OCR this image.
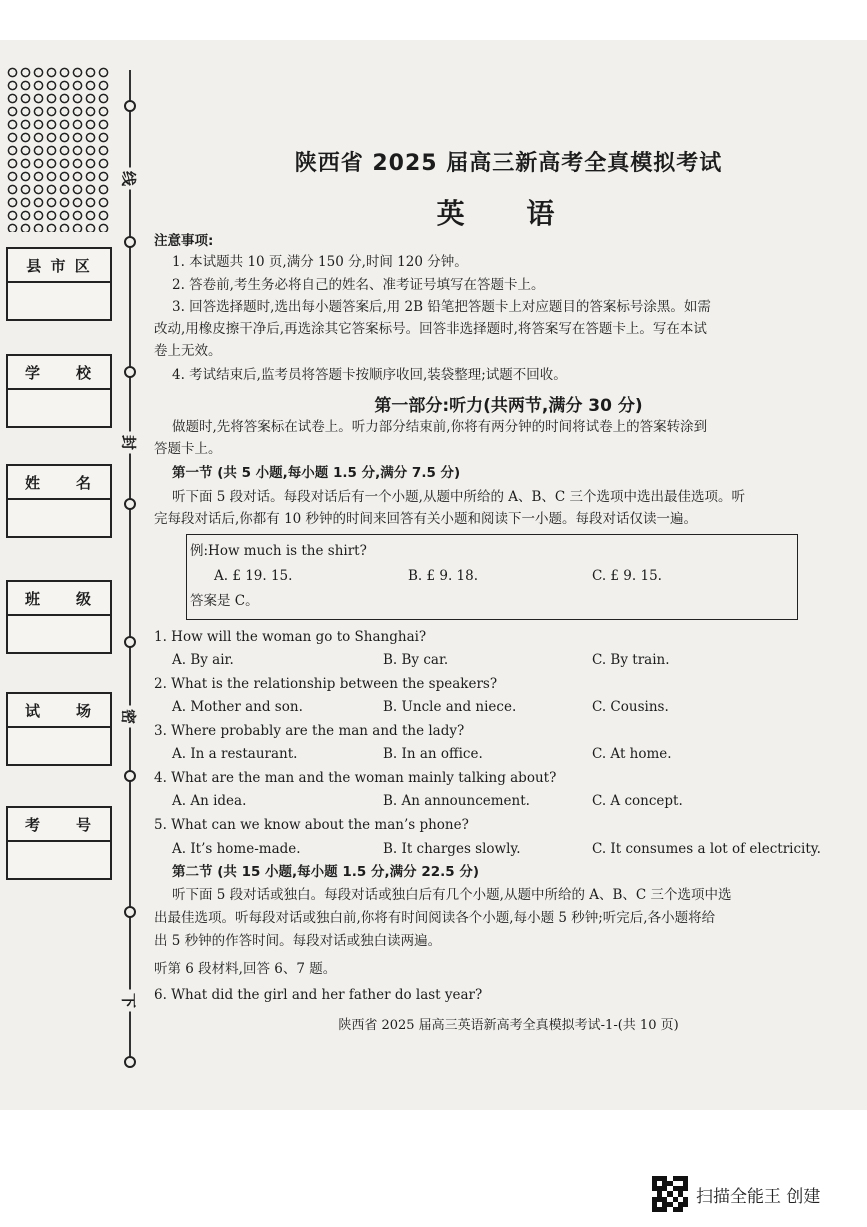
线
封
密
下
县 市 区
学　　校
姓　　名
班　　级
试　　场
考　　号
陕西省 2025 届高三新高考全真模拟考试
英 语
注意事项:
1. 本试题共 10 页,满分 150 分,时间 120 分钟。
2. 答卷前,考生务必将自己的姓名、准考证号填写在答题卡上。
3. 回答选择题时,选出每小题答案后,用 2B 铅笔把答题卡上对应题目的答案标号涂黑。如需
改动,用橡皮擦干净后,再选涂其它答案标号。回答非选择题时,将答案写在答题卡上。写在本试
卷上无效。
4. 考试结束后,监考员将答题卡按顺序收回,装袋整理;试题不回收。
第一部分:听力(共两节,满分 30 分)
做题时,先将答案标在试卷上。听力部分结束前,你将有两分钟的时间将试卷上的答案转涂到
答题卡上。
第一节 (共 5 小题,每小题 1.5 分,满分 7.5 分)
听下面 5 段对话。每段对话后有一个小题,从题中所给的 A、B、C 三个选项中选出最佳选项。听
完每段对话后,你都有 10 秒钟的时间来回答有关小题和阅读下一小题。每段对话仅读一遍。
例:How much is the shirt?
A. £ 19. 15.	B. £ 9. 18.	C. £ 9. 15.
答案是 C。
1. How will the woman go to Shanghai?
A. By air.	B. By car.	C. By train.
2. What is the relationship between the speakers?
A. Mother and son.	B. Uncle and niece.	C. Cousins.
3. Where probably are the man and the lady?
A. In a restaurant.	B. In an office.	C. At home.
4. What are the man and the woman mainly talking about?
A. An idea.	B. An announcement.	C. A concept.
5. What can we know about the man’s phone?
A. It’s home-made.	B. It charges slowly.	C. It consumes a lot of electricity.
第二节 (共 15 小题,每小题 1.5 分,满分 22.5 分)
听下面 5 段对话或独白。每段对话或独白后有几个小题,从题中所给的 A、B、C 三个选项中选
出最佳选项。听每段对话或独白前,你将有时间阅读各个小题,每小题 5 秒钟;听完后,各小题将给
出 5 秒钟的作答时间。每段对话或独白读两遍。
听第 6 段材料,回答 6、7 题。
6. What did the girl and her father do last year?
陕西省 2025 届高三英语新高考全真模拟考试-1-(共 10 页)
扫描全能王 创建
